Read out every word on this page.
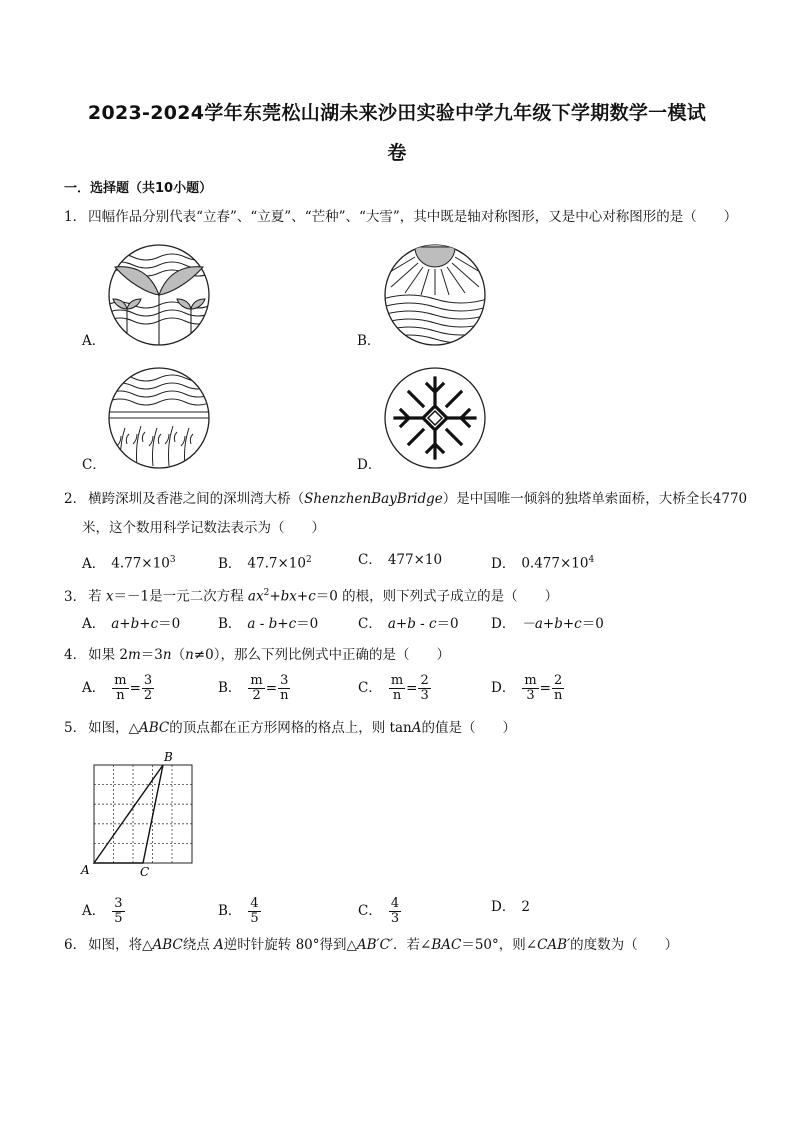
2023-2024学年东莞松山湖未来沙田实验中学九年级下学期数学一模试
卷
一．选择题（共10小题）
1． 四幅作品分别代表“立春”、“立夏”、“芒种”、“大雪”，其中既是轴对称图形，又是中心对称图形的是（　　）
A．	B．
C．	D．
2． 横跨深圳及香港之间的深圳湾大桥（ShenzhenBayBridge）是中国唯一倾斜的独塔单索面桥，大桥全长4770
米，这个数用科学记数法表示为（　　）
A． $4.77\times 10^3$	B． $47.7\times 10^2$	C． 477×10	D． $0.477\times 10^4$
3． 若 x＝－1是一元二次方程 $ax^2+bx+c=0$ 的根，则下列式子成立的是（　　）
A． a+b+c＝0	B． a - b+c＝0	C． a+b - c＝0 D． －a+b+c＝0
4． 如果 2m＝3n（n≠0），那么下列比例式中正确的是（　　）
A． $\frac{m}{n} = \frac{3}{2}$	B． $\frac{m}{2} = \frac{3}{n}$	C． $\frac{m}{n} = \frac{2}{3}$	D． $\frac{m}{3} = \frac{2}{n}$
5． 如图，△ABC的顶点都在正方形网格的格点上，则 tanA的值是（　　）
A
B
C
A． $\frac{3}{5}$	B． $\frac{4}{5}$	C． $\frac{4}{3}$	D． 2
6． 如图，将△ABC绕点 A逆时针旋转 80°得到△AB′C′．若∠BAC＝50°，则∠CAB′的度数为（　　）
